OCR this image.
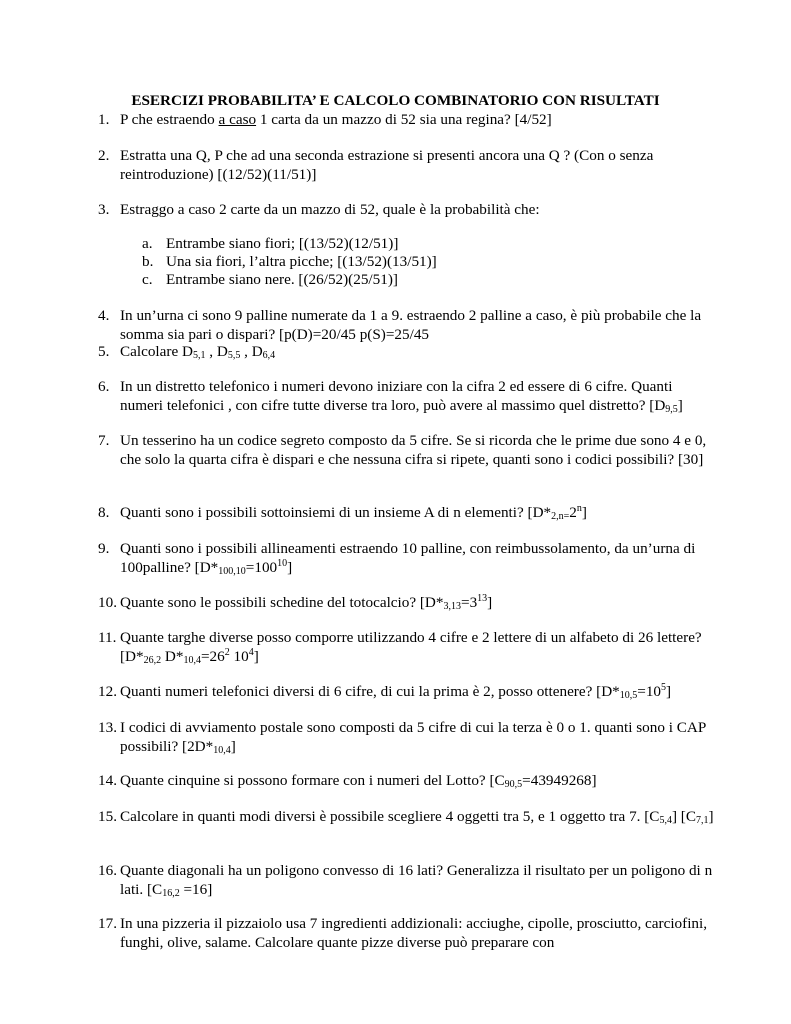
ESERCIZI PROBABILITA’ E CALCOLO COMBINATORIO CON RISULTATI
1. P che estraendo a caso 1 carta da un mazzo di 52 sia una regina? [4/52]
2. Estratta una Q, P che ad una seconda estrazione si presenti ancora una Q ? (Con o senza reintroduzione) [(12/52)(11/51)]
3. Estraggo a caso 2 carte da un mazzo di 52, quale è la probabilità che:
a. Entrambe siano fiori; [(13/52)(12/51)]
b. Una sia fiori, l’altra picche; [(13/52)(13/51)]
c. Entrambe siano nere. [(26/52)(25/51)]
4. In un’urna ci sono 9 palline numerate da 1 a 9. estraendo 2 palline a caso, è più probabile che la somma sia pari o dispari? [p(D)=20/45 p(S)=25/45
5. Calcolare $D_{5,1}$ , $D_{5,5}$ , $D_{6,4}$
6. In un distretto telefonico i numeri devono iniziare con la cifra 2 ed essere di 6 cifre. Quanti numeri telefonici , con cifre tutte diverse tra loro, può avere al massimo quel distretto? $[D_{9,5}]$
7. Un tesserino ha un codice segreto composto da 5 cifre. Se si ricorda che le prime due sono 4 e 0, che solo la quarta cifra è dispari e che nessuna cifra si ripete, quanti sono i codici possibili? [30]
8. Quanti sono i possibili sottoinsiemi di un insieme A di n elementi? $[D*_{2,n=}2^n]$
9. Quanti sono i possibili allineamenti estraendo 10 palline, con reimbussolamento, da un’urna di 100palline? $[D*_{100,10}=100^{10}]$
10. Quante sono le possibili schedine del totocalcio? $[D*_{3,13}=3^{13}]$
11. Quante targhe diverse posso comporre utilizzando 4 cifre e 2 lettere di un alfabeto di 26 lettere? [$D*_{26,2}$ $D*_{10,4}=26^2$ $10^4$]
12. Quanti numeri telefonici diversi di 6 cifre, di cui la prima è 2, posso ottenere? $[D*_{10,5}=10^5]$
13. I codici di avviamento postale sono composti da 5 cifre di cui la terza è 0 o 1. quanti sono i CAP possibili? $[2D*_{10,4}]$
14. Quante cinquine si possono formare con i numeri del Lotto? $[C_{90,5}=43949268]$
15. Calcolare in quanti modi diversi è possibile scegliere 4 oggetti tra 5, e 1 oggetto tra 7. $[C_{5,4}]$ $[C_{7,1}]$
16. Quante diagonali ha un poligono convesso di 16 lati? Generalizza il risultato per un poligono di n lati. $[C_{16,2} =16]$
17. In una pizzeria il pizzaiolo usa 7 ingredienti addizionali: acciughe, cipolle, prosciutto, carciofini, funghi, olive, salame. Calcolare quante pizze diverse può preparare con
